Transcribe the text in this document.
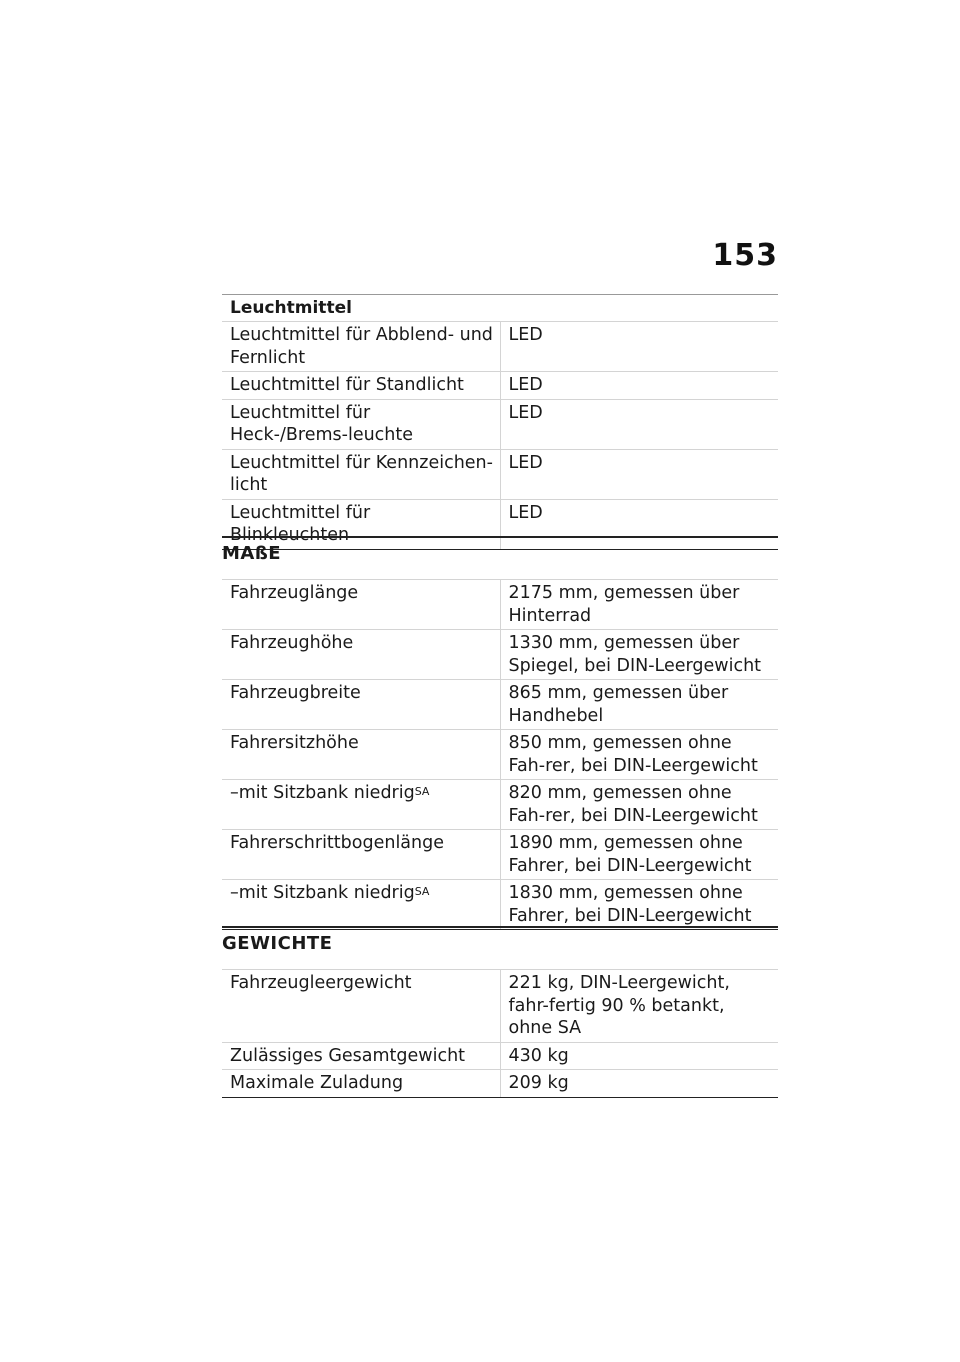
153
Leuchtmittel
Leuchtmittel für Abblend- und Fernlicht	LED
Leuchtmittel für Standlicht	LED
Leuchtmittel für Heck-/Brems-leuchte	LED
Leuchtmittel für Kennzeichen-licht	LED
Leuchtmittel für Blinkleuchten	LED
MAßE

Fahrzeuglänge	2175 mm, gemessen über Hinterrad
Fahrzeughöhe	1330 mm, gemessen über Spiegel, bei DIN-Leergewicht
Fahrzeugbreite	865 mm, gemessen über Handhebel
Fahrersitzhöhe	850 mm, gemessen ohne Fah-rer, bei DIN-Leergewicht
–mit Sitzbank niedrig$^{SA}$	820 mm, gemessen ohne Fah-rer, bei DIN-Leergewicht
Fahrerschrittbogenlänge	1890 mm, gemessen ohne Fahrer, bei DIN-Leergewicht
–mit Sitzbank niedrig$^{SA}$	1830 mm, gemessen ohne Fahrer, bei DIN-Leergewicht
GEWICHTE

Fahrzeugleergewicht	221 kg, DIN-Leergewicht, fahr-fertig 90 % betankt, ohne SA
Zulässiges Gesamtgewicht	430 kg
Maximale Zuladung	209 kg
